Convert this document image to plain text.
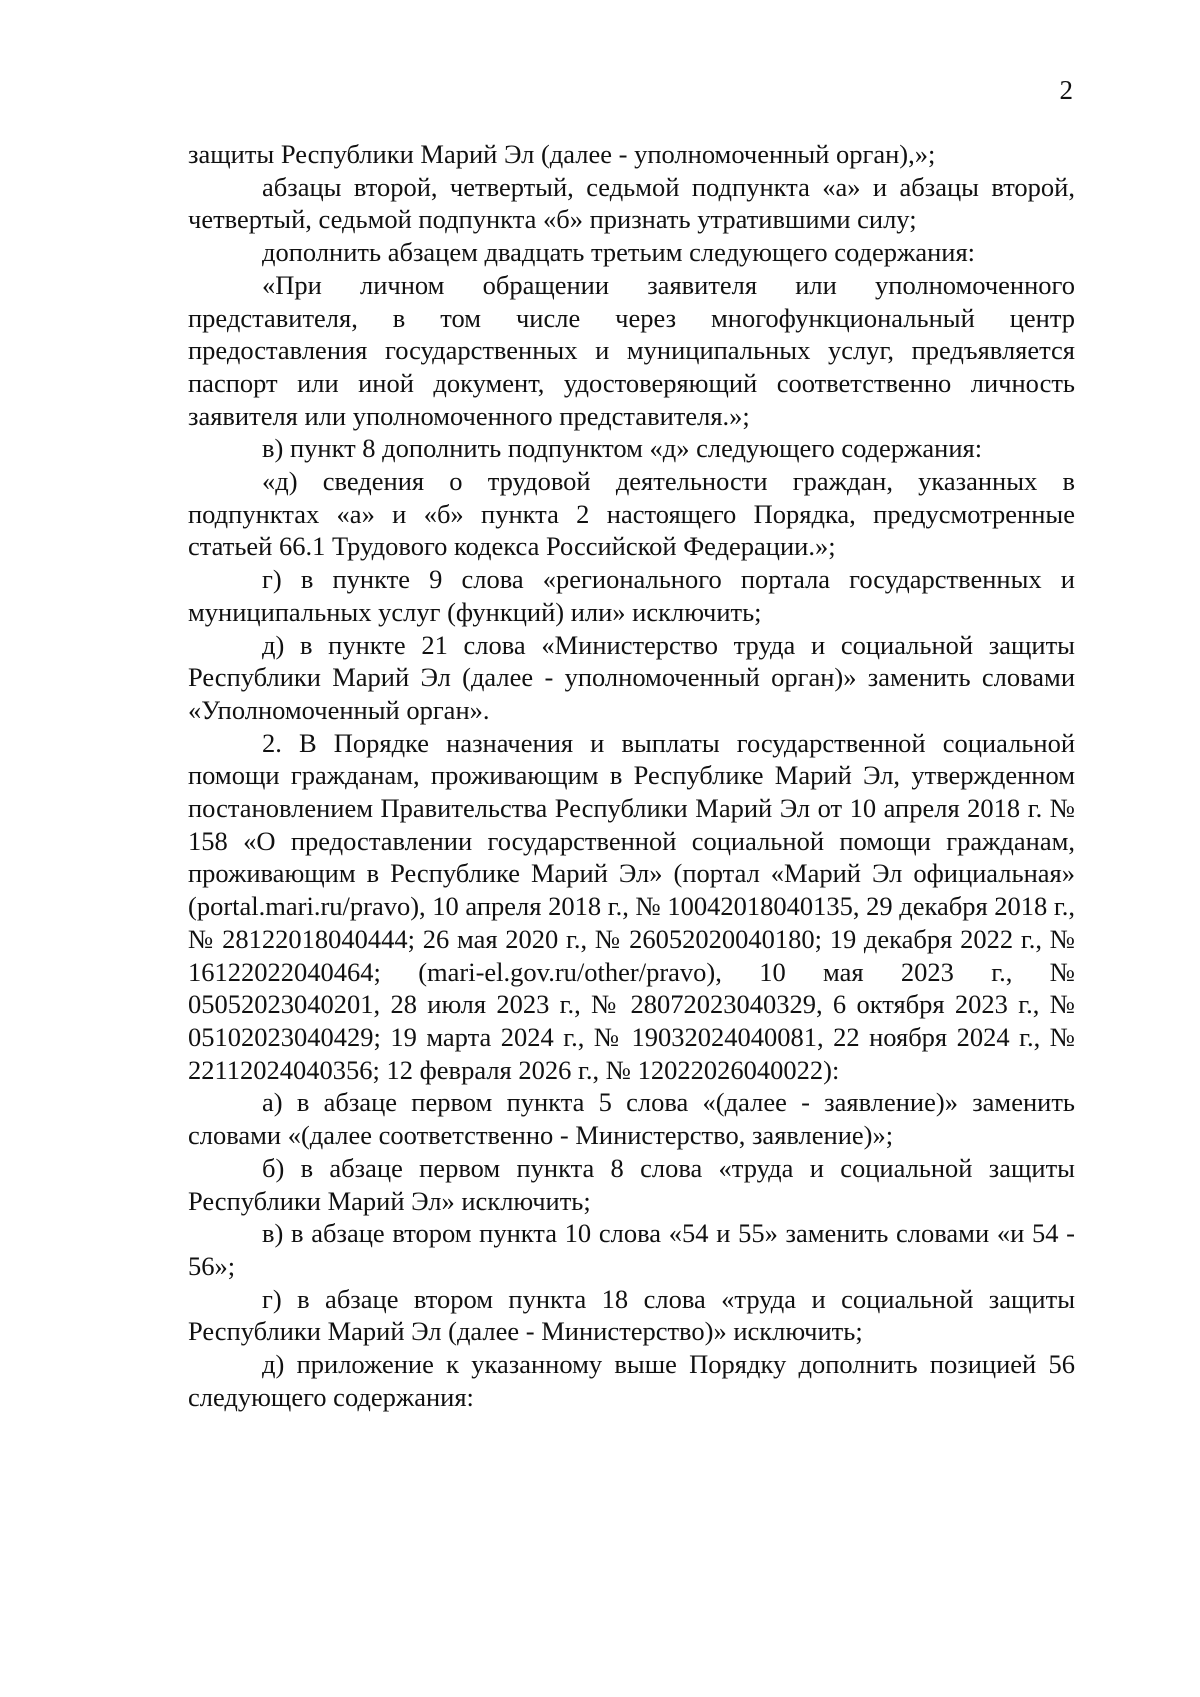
2

защиты Республики Марий Эл (далее - уполномоченный орган),»;

абзацы второй, четвертый, седьмой подпункта «а» и абзацы второй, четвертый, седьмой подпункта «б» признать утратившими силу;

дополнить абзацем двадцать третьим следующего содержания:

«При личном обращении заявителя или уполномоченного представителя, в том числе через многофункциональный центр предоставления государственных и муниципальных услуг, предъявляется паспорт или иной документ, удостоверяющий соответственно личность заявителя или уполномоченного представителя.»;

в) пункт 8 дополнить подпунктом «д» следующего содержания:

«д) сведения о трудовой деятельности граждан, указанных в подпунктах «а» и «б» пункта 2 настоящего Порядка, предусмотренные статьей 66.1 Трудового кодекса Российской Федерации.»;

г) в пункте 9 слова «регионального портала государственных и муниципальных услуг (функций) или» исключить;

д) в пункте 21 слова «Министерство труда и социальной защиты Республики Марий Эл (далее - уполномоченный орган)» заменить словами «Уполномоченный орган».

2. В Порядке назначения и выплаты государственной социальной помощи гражданам, проживающим в Республике Марий Эл, утвержденном постановлением Правительства Республики Марий Эл от 10 апреля 2018 г. № 158 «О предоставлении государственной социальной помощи гражданам, проживающим в Республике Марий Эл» (портал «Марий Эл официальная» (portal.mari.ru/pravo), 10 апреля 2018 г., № 10042018040135, 29 декабря 2018 г., № 28122018040444; 26 мая 2020 г., № 26052020040180; 19 декабря 2022 г., № 16122022040464; (mari-el.gov.ru/other/pravo), 10 мая 2023 г., № 05052023040201, 28 июля 2023 г., № 28072023040329, 6 октября 2023 г., № 05102023040429; 19 марта 2024 г., № 19032024040081, 22 ноября 2024 г., № 22112024040356; 12 февраля 2026 г., № 12022026040022):

а) в абзаце первом пункта 5 слова «(далее - заявление)» заменить словами «(далее соответственно - Министерство, заявление)»;

б) в абзаце первом пункта 8 слова «труда и социальной защиты Республики Марий Эл» исключить;

в) в абзаце втором пункта 10 слова «54 и 55» заменить словами «и 54 - 56»;

г) в абзаце втором пункта 18 слова «труда и социальной защиты Республики Марий Эл (далее - Министерство)» исключить;

д) приложение к указанному выше Порядку дополнить позицией 56 следующего содержания:
